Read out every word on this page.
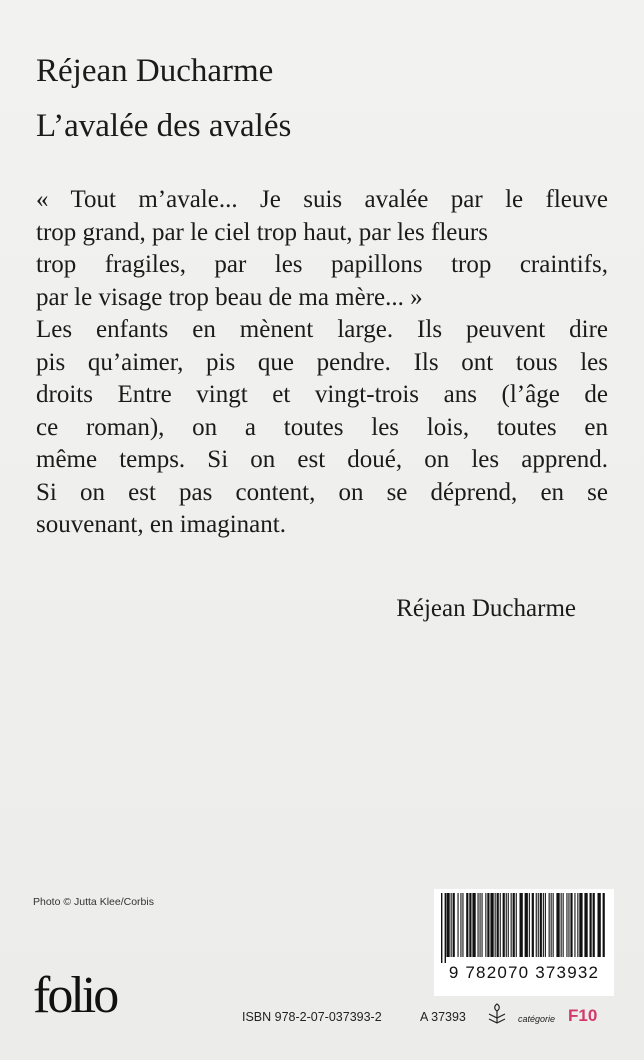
Réjean Ducharme
L’avalée des avalés
« Tout m’avale... Je suis avalée par le fleuve
trop grand, par le ciel trop haut, par les fleurs
trop fragiles, par les papillons trop craintifs,
par le visage trop beau de ma mère... »
Les enfants en mènent large. Ils peuvent dire
pis qu’aimer, pis que pendre. Ils ont tous les
droits Entre vingt et vingt-trois ans (l’âge de
ce roman), on a toutes les lois, toutes en
même temps. Si on est doué, on les apprend.
Si on est pas content, on se déprend, en se
souvenant, en imaginant.
Réjean Ducharme
Photo © Jutta Klee/Corbis
9 782070 373932
folio	ISBN 978-2-07-037393-2	A 37393	catégorie F10
